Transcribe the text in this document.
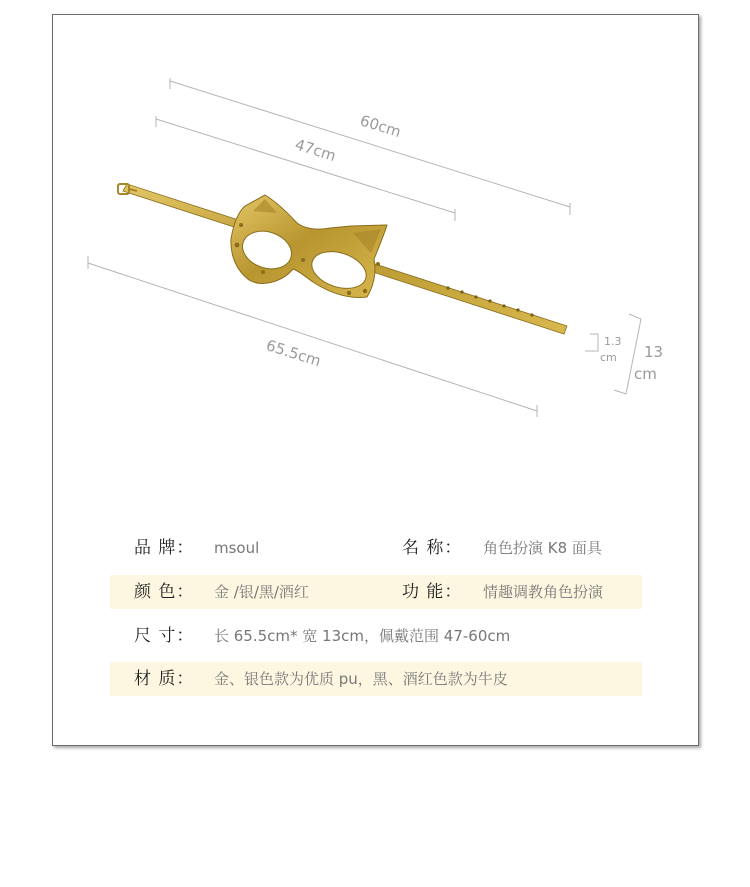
60cm
47cm
65.5cm	1.3
cm 13
cm
品 牌： msoul	名 称： 角色扮演 K8 面具
颜 色： 金 /银/黑/酒红	功 能： 情趣调教角色扮演
尺 寸： 长 65.5cm* 宽 13cm，佩戴范围 47-60cm
材 质： 金、银色款为优质 pu，黑、酒红色款为牛皮
